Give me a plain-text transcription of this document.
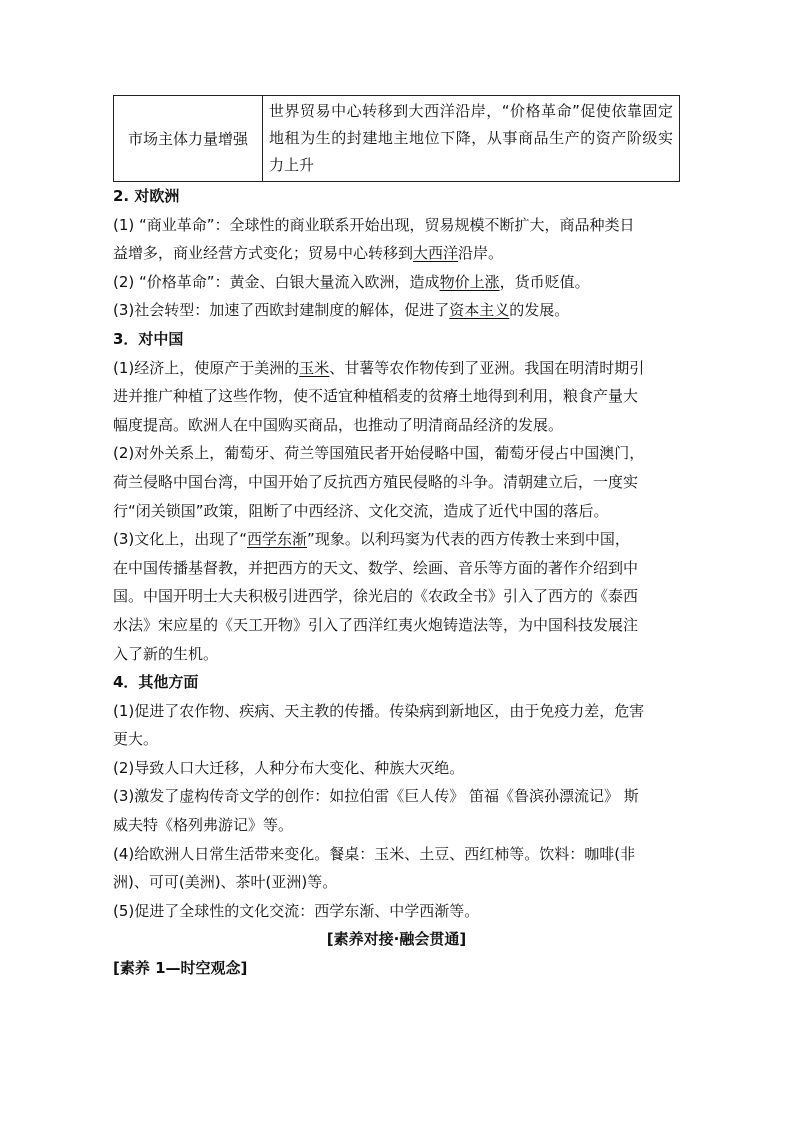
市场主体力量增强	世界贸易中心转移到大西洋沿岸，“价格革命”促使依靠固定地租为生的封建地主地位下降，从事商品生产的资产阶级实力上升

2. 对欧洲

(1) “商业革命”：全球性的商业联系开始出现，贸易规模不断扩大，商品种类日

益增多，商业经营方式变化；贸易中心转移到大西洋沿岸。

(2) “价格革命”：黄金、白银大量流入欧洲，造成物价上涨，货币贬值。

(3)社会转型：加速了西欧封建制度的解体，促进了资本主义的发展。

3．对中国

(1)经济上，使原产于美洲的玉米、甘薯等农作物传到了亚洲。我国在明清时期引

进并推广种植了这些作物，使不适宜种植稻麦的贫瘠土地得到利用，粮食产量大

幅度提高。欧洲人在中国购买商品，也推动了明清商品经济的发展。

(2)对外关系上，葡萄牙、荷兰等国殖民者开始侵略中国，葡萄牙侵占中国澳门，

荷兰侵略中国台湾，中国开始了反抗西方殖民侵略的斗争。清朝建立后，一度实

行“闭关锁国”政策，阻断了中西经济、文化交流，造成了近代中国的落后。

(3)文化上，出现了“西学东渐”现象。以利玛窦为代表的西方传教士来到中国，

在中国传播基督教，并把西方的天文、数学、绘画、音乐等方面的著作介绍到中

国。中国开明士大夫积极引进西学，徐光启的《农政全书》引入了西方的《泰西

水法》宋应星的《天工开物》引入了西洋红夷火炮铸造法等，为中国科技发展注

入了新的生机。

4．其他方面

(1)促进了农作物、疾病、天主教的传播。传染病到新地区，由于免疫力差，危害

更大。

(2)导致人口大迁移，人种分布大变化、种族大灭绝。

(3)激发了虚构传奇文学的创作：如拉伯雷《巨人传》 笛福《鲁滨孙漂流记》 斯

威夫特《格列弗游记》等。

(4)给欧洲人日常生活带来变化。餐桌：玉米、土豆、西红柿等。饮料：咖啡(非

洲)、可可(美洲)、茶叶(亚洲)等。

(5)促进了全球性的文化交流：西学东渐、中学西渐等。

[素养对接·融会贯通]

[素养 1—时空观念]
